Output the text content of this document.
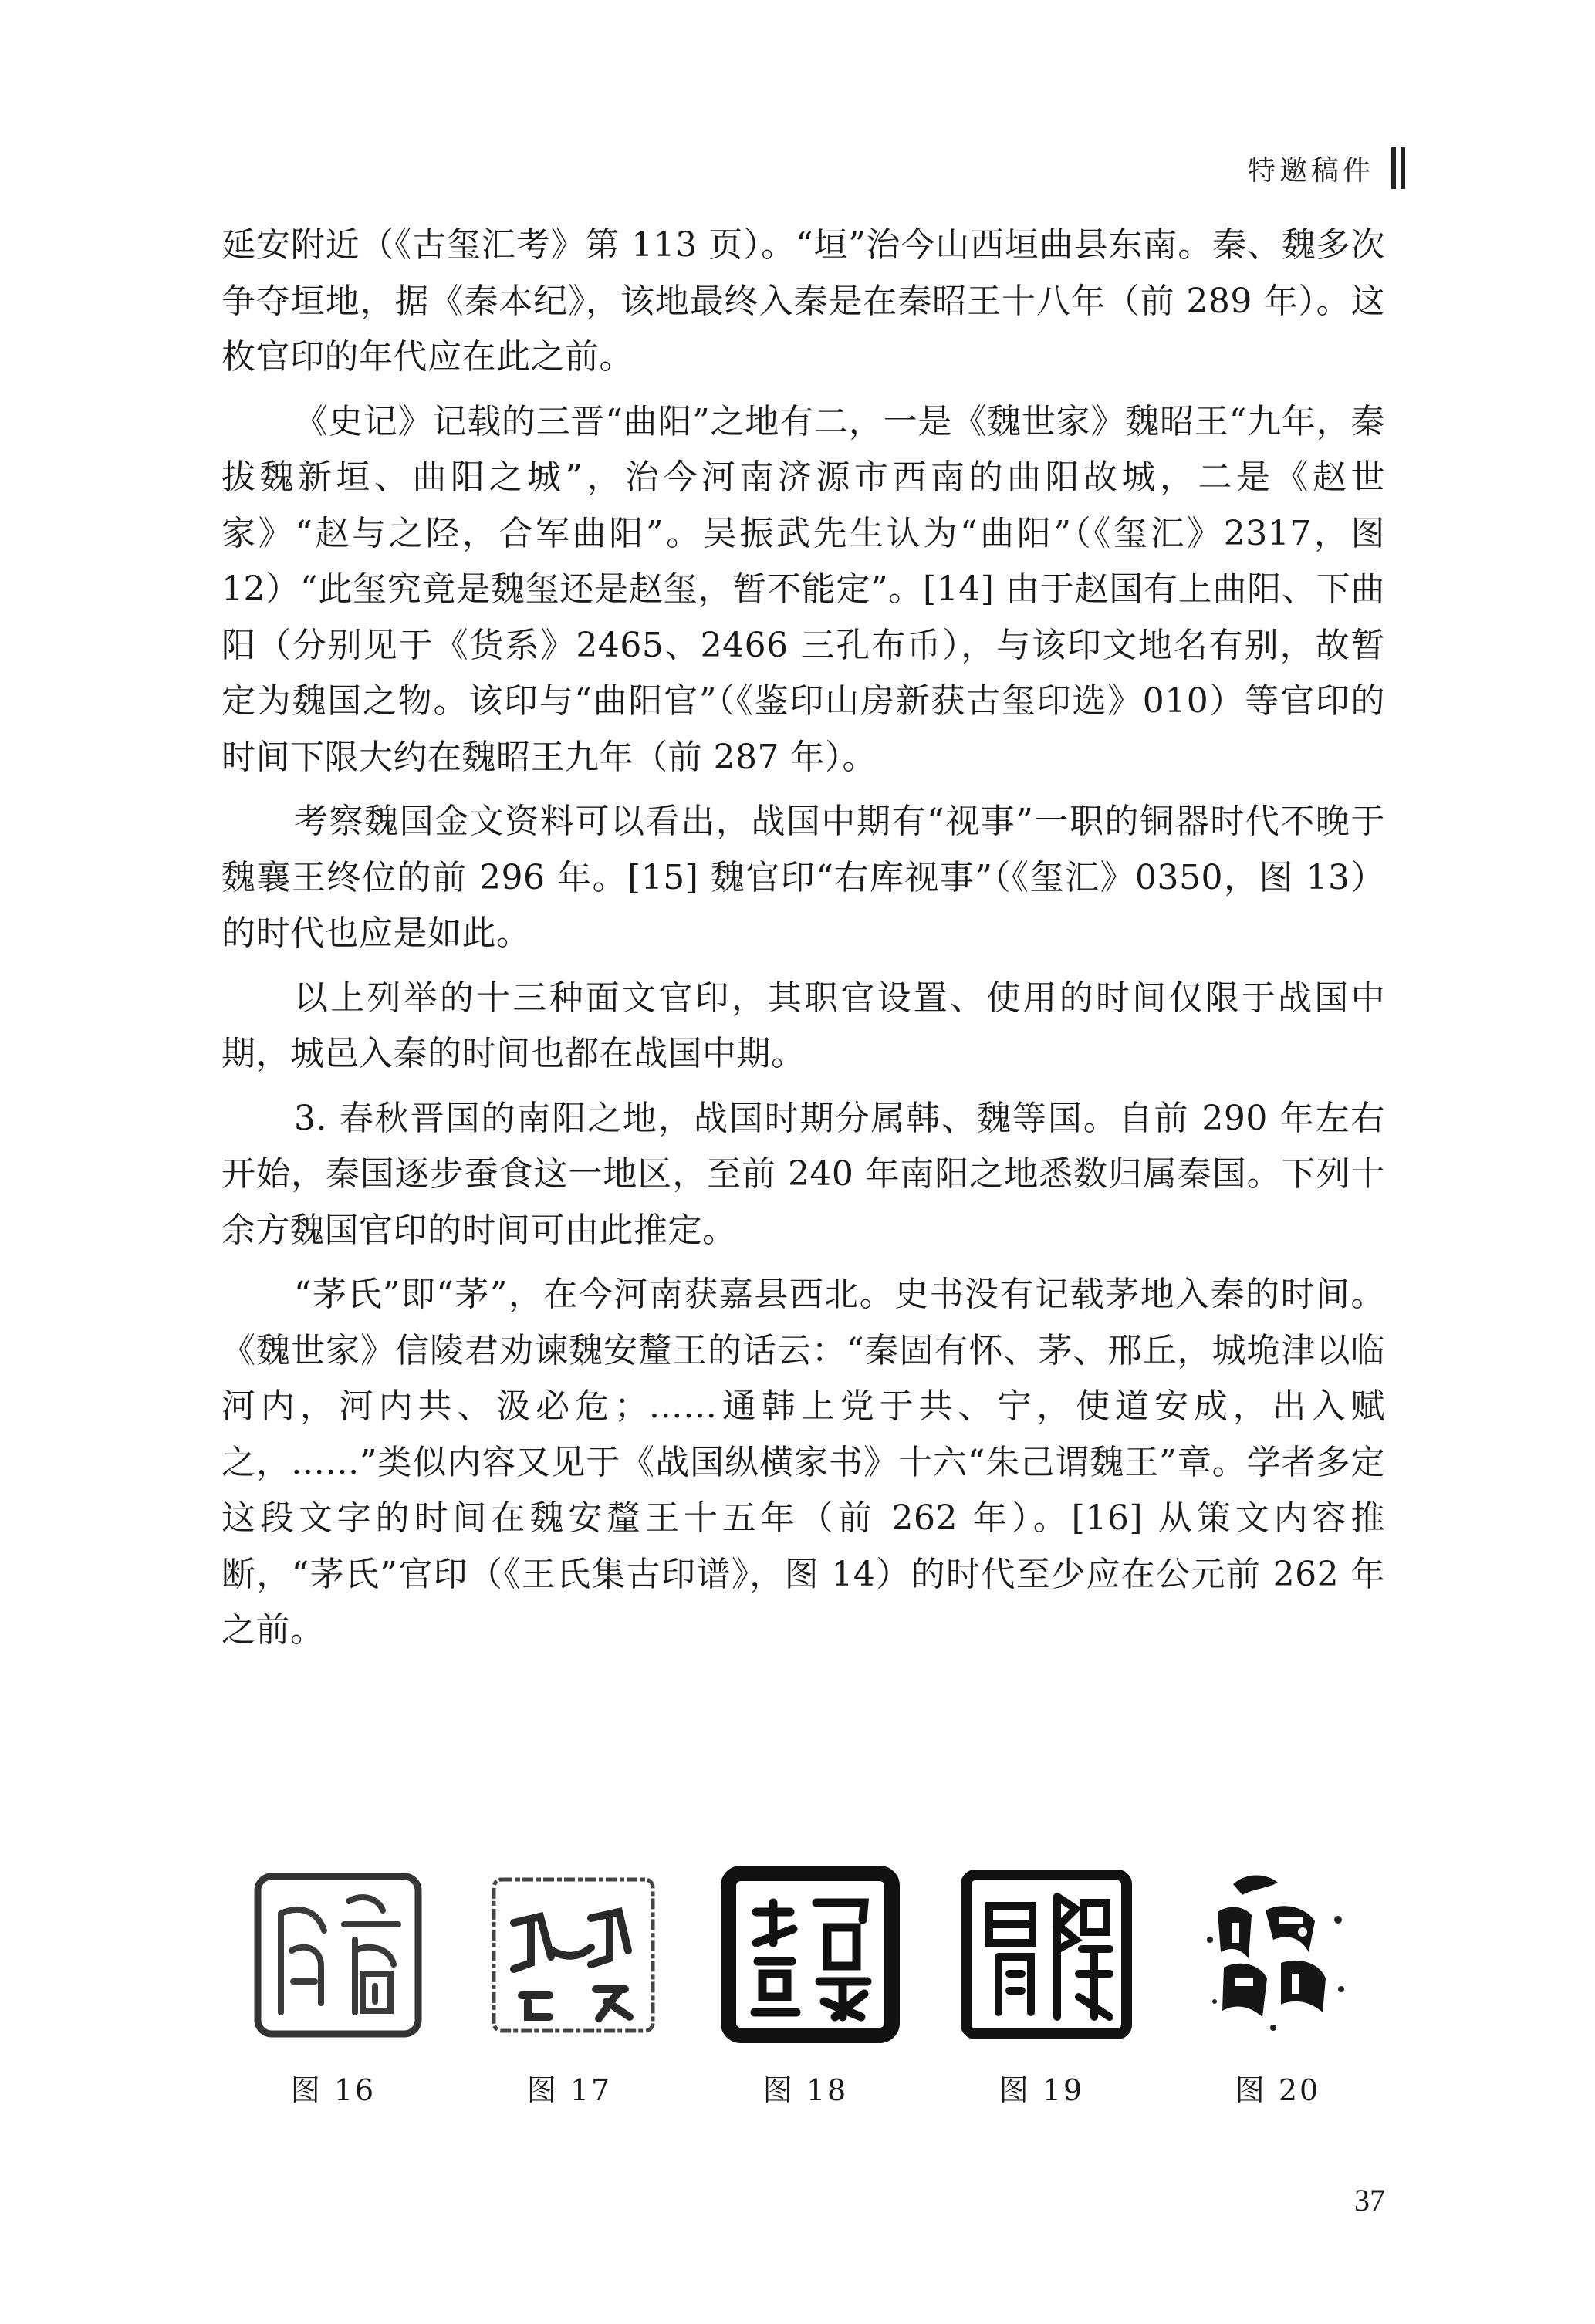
特邀稿件

延安附近（《古玺汇考》第 113 页）。“垣”治今山西垣曲县东南。秦、魏多次争夺垣地，据《秦本纪》，该地最终入秦是在秦昭王十八年（前 289 年）。这枚官印的年代应在此之前。

《史记》记载的三晋“曲阳”之地有二，一是《魏世家》魏昭王“九年，秦拔魏新垣、曲阳之城”，治今河南济源市西南的曲阳故城，二是《赵世家》“赵与之陉，合军曲阳”。吴振武先生认为“曲阳”（《玺汇》2317，图 12）“此玺究竟是魏玺还是赵玺，暂不能定”。[14] 由于赵国有上曲阳、下曲阳（分别见于《货系》2465、2466 三孔布币），与该印文地名有别，故暂定为魏国之物。该印与“曲阳官”（《鉴印山房新获古玺印选》010）等官印的时间下限大约在魏昭王九年（前 287 年）。

考察魏国金文资料可以看出，战国中期有“视事”一职的铜器时代不晚于魏襄王终位的前 296 年。[15] 魏官印“右库视事”（《玺汇》0350，图 13）的时代也应是如此。

以上列举的十三种面文官印，其职官设置、使用的时间仅限于战国中期，城邑入秦的时间也都在战国中期。

3. 春秋晋国的南阳之地，战国时期分属韩、魏等国。自前 290 年左右开始，秦国逐步蚕食这一地区，至前 240 年南阳之地悉数归属秦国。下列十余方魏国官印的时间可由此推定。

“茅氏”即“茅”，在今河南获嘉县西北。史书没有记载茅地入秦的时间。《魏世家》信陵君劝谏魏安釐王的话云：“秦固有怀、茅、邢丘，城垝津以临河内，河内共、汲必危；……通韩上党于共、宁，使道安成，出入赋之，……”类似内容又见于《战国纵横家书》十六“朱己谓魏王”章。学者多定这段文字的时间在魏安釐王十五年（前 262 年）。[16] 从策文内容推断，“茅氏”官印（《王氏集古印谱》，图 14）的时代至少应在公元前 262 年之前。

图 16	图 17	图 18	图 19	图 20
37
